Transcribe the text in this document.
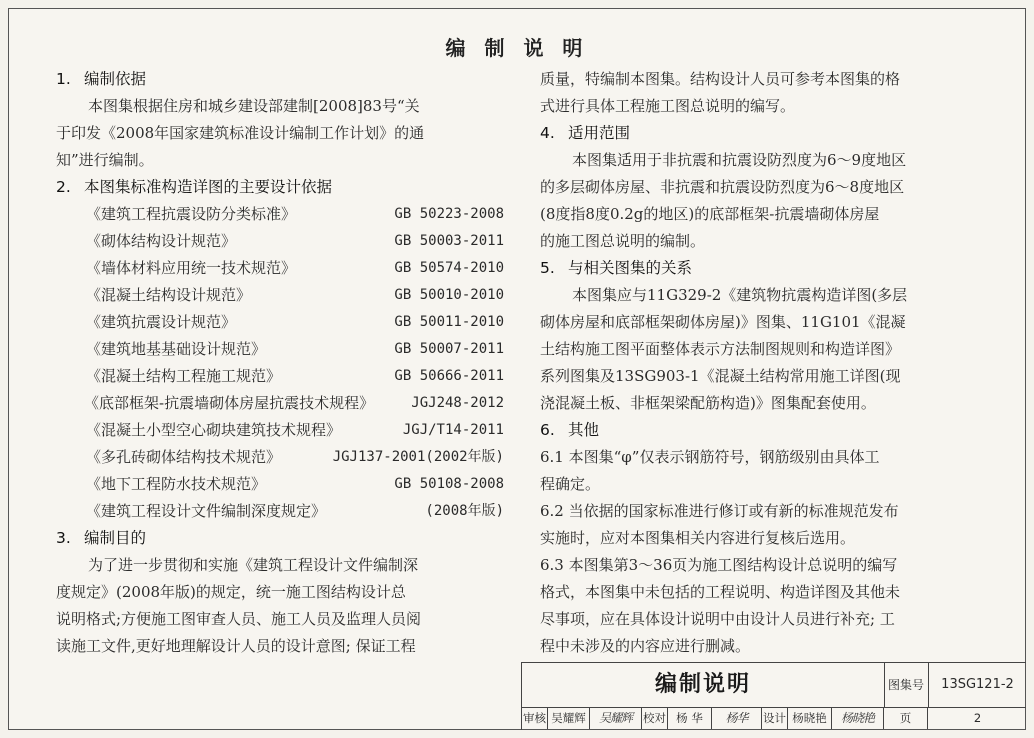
编 制 说 明
1. 编制依据
本图集根据住房和城乡建设部建制[2008]83号“关
于印发《2008年国家建筑标准设计编制工作计划》的通
知”进行编制。
2. 本图集标准构造详图的主要设计依据
《建筑工程抗震设防分类标准》	GB 50223-2008
《砌体结构设计规范》	GB 50003-2011
《墙体材料应用统一技术规范》	GB 50574-2010
《混凝土结构设计规范》	GB 50010-2010
《建筑抗震设计规范》	GB 50011-2010
《建筑地基基础设计规范》	GB 50007-2011
《混凝土结构工程施工规范》	GB 50666-2011
《底部框架-抗震墙砌体房屋抗震技术规程》	JGJ248-2012
《混凝土小型空心砌块建筑技术规程》	JGJ/T14-2011
《多孔砖砌体结构技术规范》	JGJ137-2001(2002年版)
《地下工程防水技术规范》	GB 50108-2008
《建筑工程设计文件编制深度规定》	(2008年版)
3. 编制目的
为了进一步贯彻和实施《建筑工程设计文件编制深
度规定》(2008年版)的规定，统一施工图结构设计总
说明格式;方便施工图审查人员、施工人员及监理人员阅
读施工文件,更好地理解设计人员的设计意图; 保证工程
质量，特编制本图集。结构设计人员可参考本图集的格
式进行具体工程施工图总说明的编写。
4. 适用范围
本图集适用于非抗震和抗震设防烈度为6～9度地区
的多层砌体房屋、非抗震和抗震设防烈度为6～8度地区
(8度指8度0.2g的地区)的底部框架-抗震墙砌体房屋
的施工图总说明的编制。
5. 与相关图集的关系
本图集应与11G329-2《建筑物抗震构造详图(多层
砌体房屋和底部框架砌体房屋)》图集、11G101《混凝
土结构施工图平面整体表示方法制图规则和构造详图》
系列图集及13SG903-1《混凝土结构常用施工详图(现
浇混凝土板、非框架梁配筋构造)》图集配套使用。
6. 其他
6.1 本图集“φ”仅表示钢筋符号，钢筋级别由具体工
程确定。
6.2 当依据的国家标准进行修订或有新的标准规范发布
实施时，应对本图集相关内容进行复核后选用。
6.3 本图集第3～36页为施工图结构设计总说明的编写
格式，本图集中未包括的工程说明、构造详图及其他未
尽事项，应在具体设计说明中由设计人员进行补充; 工
程中未涉及的内容应进行删减。
编制说明	图集号	13SG121-2
审核 吴耀辉	吴耀辉 校对 杨 华	杨华	设计 杨晓艳	杨晓艳	页	2
